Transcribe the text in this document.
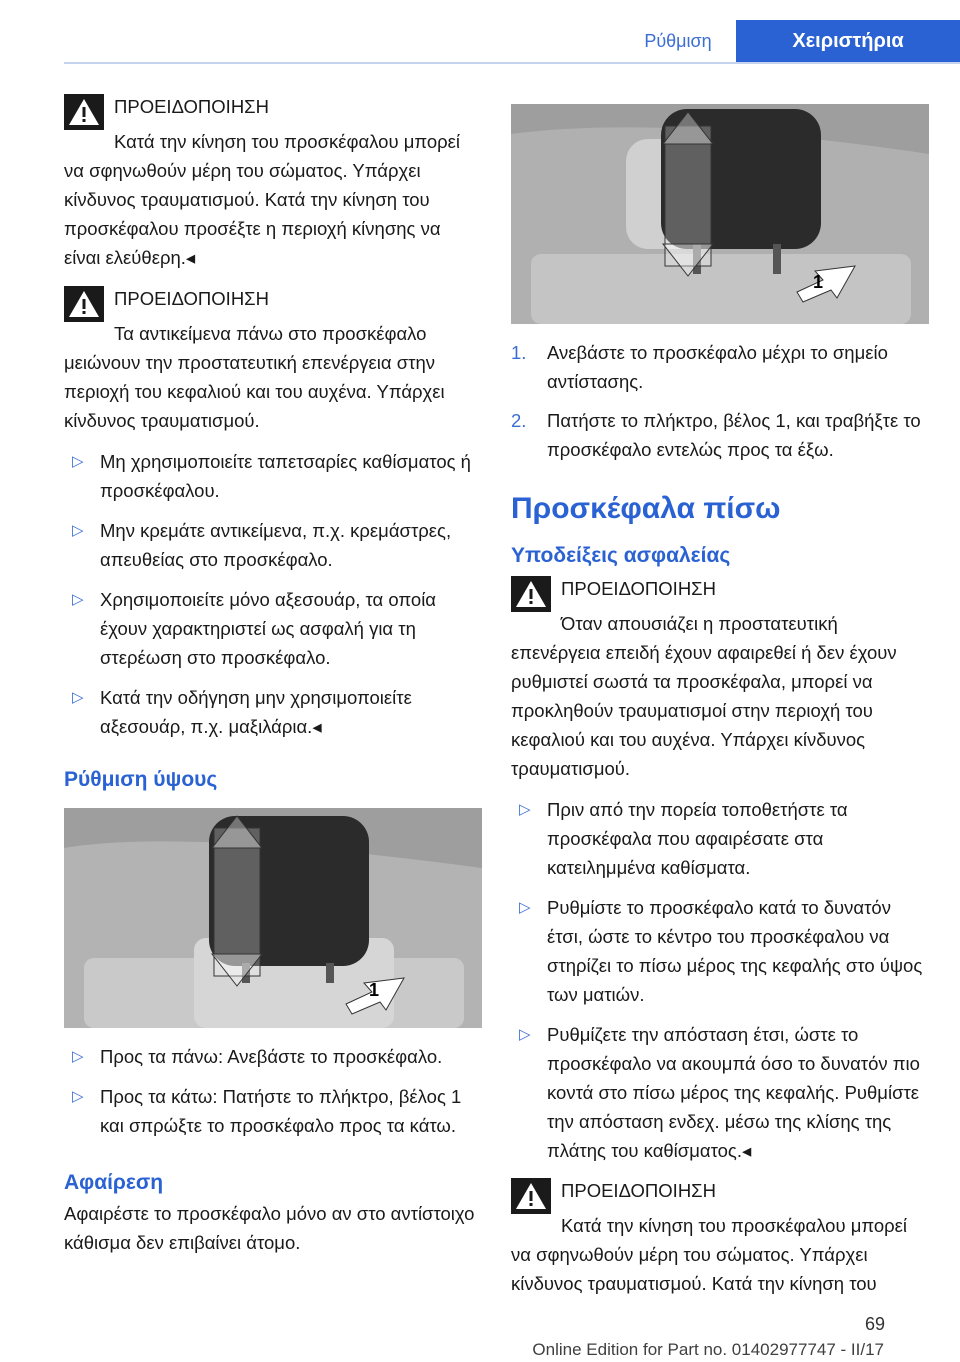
Ρύθμιση	Χειριστήρια
ΠΡΟΕΙΔΟΠΟΙΗΣΗ
Κατά την κίνηση του προσκέφαλου μπορεί να σφηνωθούν μέρη του σώματος. Υπάρχει κίνδυνος τραυματισμού. Κατά την κίνηση του προσκέφαλου προσέξτε η περιοχή κίνησης να είναι ελεύθερη.◂
ΠΡΟΕΙΔΟΠΟΙΗΣΗ
Τα αντικείμενα πάνω στο προσκέφαλο μειώνουν την προστατευτική επενέργεια στην περιοχή του κεφαλιού και του αυχένα. Υπάρχει κίνδυνος τραυματισμού.
▷ Μη χρησιμοποιείτε ταπετσαρίες καθίσματος ή προσκέφαλου.
▷ Μην κρεμάτε αντικείμενα, π.χ. κρεμάστρες, απευθείας στο προσκέφαλο.
▷ Χρησιμοποιείτε μόνο αξεσουάρ, τα οποία έχουν χαρακτηριστεί ως ασφαλή για τη στερέωση στο προσκέφαλο.
▷ Κατά την οδήγηση μην χρησιμοποιείτε αξεσουάρ, π.χ. μαξιλάρια.◂
Ρύθμιση ύψους
1
▷ Προς τα πάνω: Ανεβάστε το προσκέφαλο.
▷ Προς τα κάτω: Πατήστε το πλήκτρο, βέλος 1 και σπρώξτε το προσκέφαλο προς τα κάτω.
Αφαίρεση

Αφαιρέστε το προσκέφαλο μόνο αν στο αντίστοιχο κάθισμα δεν επιβαίνει άτομο.

1
1. Ανεβάστε το προσκέφαλο μέχρι το σημείο αντίστασης.
2. Πατήστε το πλήκτρο, βέλος 1, και τραβήξτε το προσκέφαλο εντελώς προς τα έξω.
Προσκέφαλα πίσω
Υποδείξεις ασφαλείας
ΠΡΟΕΙΔΟΠΟΙΗΣΗ
Όταν απουσιάζει η προστατευτική επενέργεια επειδή έχουν αφαιρεθεί ή δεν έχουν ρυθμιστεί σωστά τα προσκέφαλα, μπορεί να προκληθούν τραυματισμοί στην περιοχή του κεφαλιού και του αυχένα. Υπάρχει κίνδυνος τραυματισμού.
▷ Πριν από την πορεία τοποθετήστε τα προσκέφαλα που αφαιρέσατε στα κατειλημμένα καθίσματα.
▷ Ρυθμίστε το προσκέφαλο κατά το δυνατόν έτσι, ώστε το κέντρο του προσκέφαλου να στηρίζει το πίσω μέρος της κεφαλής στο ύψος των ματιών.
▷ Ρυθμίζετε την απόσταση έτσι, ώστε το προσκέφαλο να ακουμπά όσο το δυνατόν πιο κοντά στο πίσω μέρος της κεφαλής. Ρυθμίστε την απόσταση ενδεχ. μέσω της κλίσης της πλάτης του καθίσματος.◂
ΠΡΟΕΙΔΟΠΟΙΗΣΗ
Κατά την κίνηση του προσκέφαλου μπορεί να σφηνωθούν μέρη του σώματος. Υπάρχει κίνδυνος τραυματισμού. Κατά την κίνηση του
69
Online Edition for Part no. 01402977747 - II/17
